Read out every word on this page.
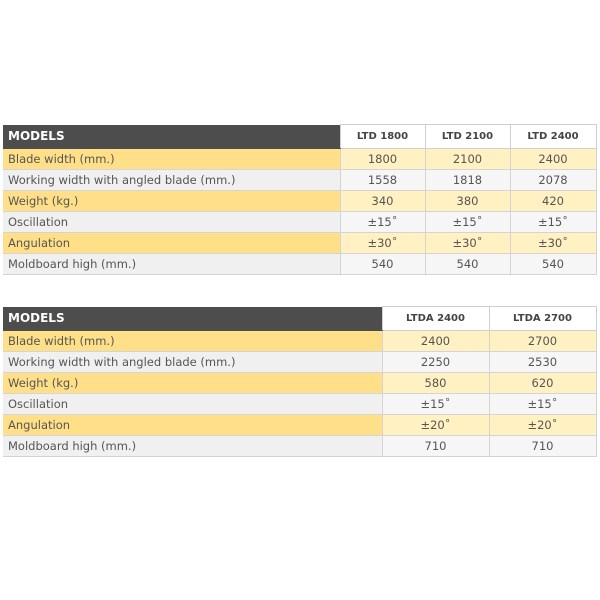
MODELS	LTD 1800	LTD 2100	LTD 2400
Blade width (mm.)	1800	2100	2400
Working width with angled blade (mm.)	1558	1818	2078
Weight (kg.)	340	380	420
Oscillation	±15˚	±15˚	±15˚
Angulation	±30˚	±30˚	±30˚
Moldboard high (mm.)	540	540	540
MODELS	LTDA 2400	LTDA 2700
Blade width (mm.)	2400	2700
Working width with angled blade (mm.)	2250	2530
Weight (kg.)	580	620
Oscillation	±15˚	±15˚
Angulation	±20˚	±20˚
Moldboard high (mm.)	710	710
